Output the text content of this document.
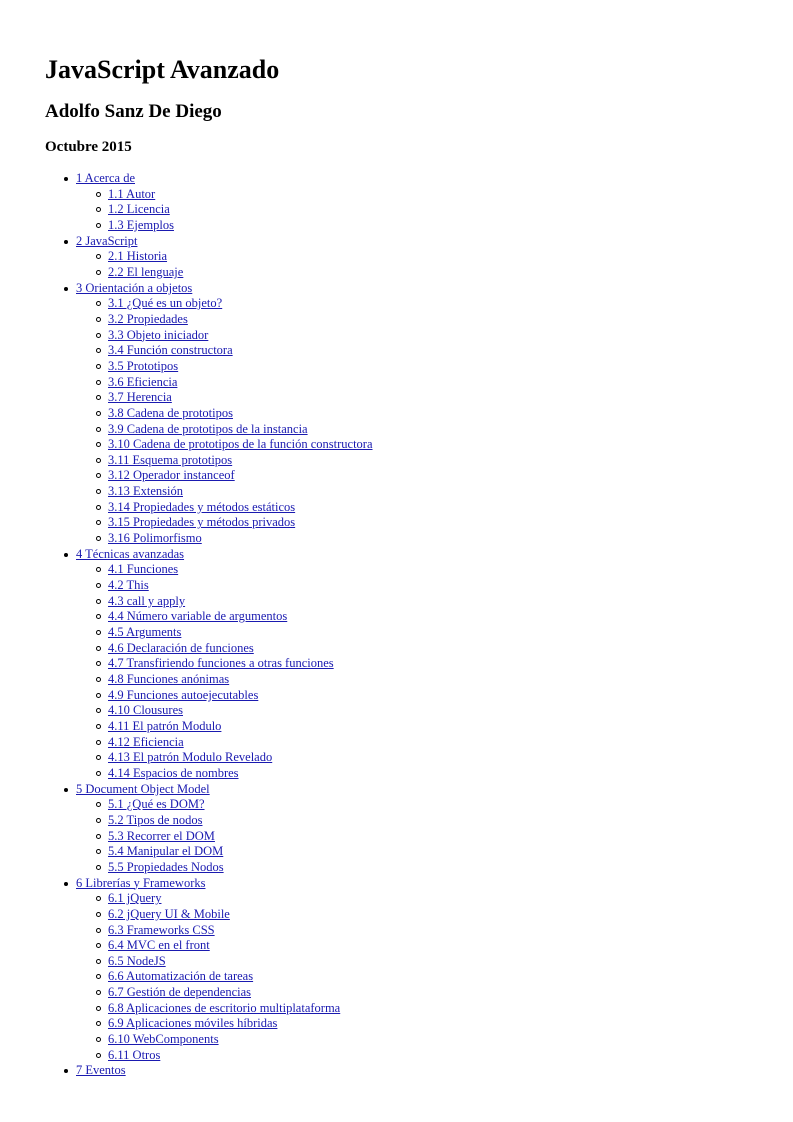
JavaScript Avanzado
Adolfo Sanz De Diego
Octubre 2015
1 Acerca de
1.1 Autor
1.2 Licencia
1.3 Ejemplos
2 JavaScript
2.1 Historia
2.2 El lenguaje
3 Orientación a objetos
3.1 ¿Qué es un objeto?
3.2 Propiedades
3.3 Objeto iniciador
3.4 Función constructora
3.5 Prototipos
3.6 Eficiencia
3.7 Herencia
3.8 Cadena de prototipos
3.9 Cadena de prototipos de la instancia
3.10 Cadena de prototipos de la función constructora
3.11 Esquema prototipos
3.12 Operador instanceof
3.13 Extensión
3.14 Propiedades y métodos estáticos
3.15 Propiedades y métodos privados
3.16 Polimorfismo
4 Técnicas avanzadas
4.1 Funciones
4.2 This
4.3 call y apply
4.4 Número variable de argumentos
4.5 Arguments
4.6 Declaración de funciones
4.7 Transfiriendo funciones a otras funciones
4.8 Funciones anónimas
4.9 Funciones autoejecutables
4.10 Clousures
4.11 El patrón Modulo
4.12 Eficiencia
4.13 El patrón Modulo Revelado
4.14 Espacios de nombres
5 Document Object Model
5.1 ¿Qué es DOM?
5.2 Tipos de nodos
5.3 Recorrer el DOM
5.4 Manipular el DOM
5.5 Propiedades Nodos
6 Librerías y Frameworks
6.1 jQuery
6.2 jQuery UI & Mobile
6.3 Frameworks CSS
6.4 MVC en el front
6.5 NodeJS
6.6 Automatización de tareas
6.7 Gestión de dependencias
6.8 Aplicaciones de escritorio multiplataforma
6.9 Aplicaciones móviles híbridas
6.10 WebComponents
6.11 Otros
7 Eventos
